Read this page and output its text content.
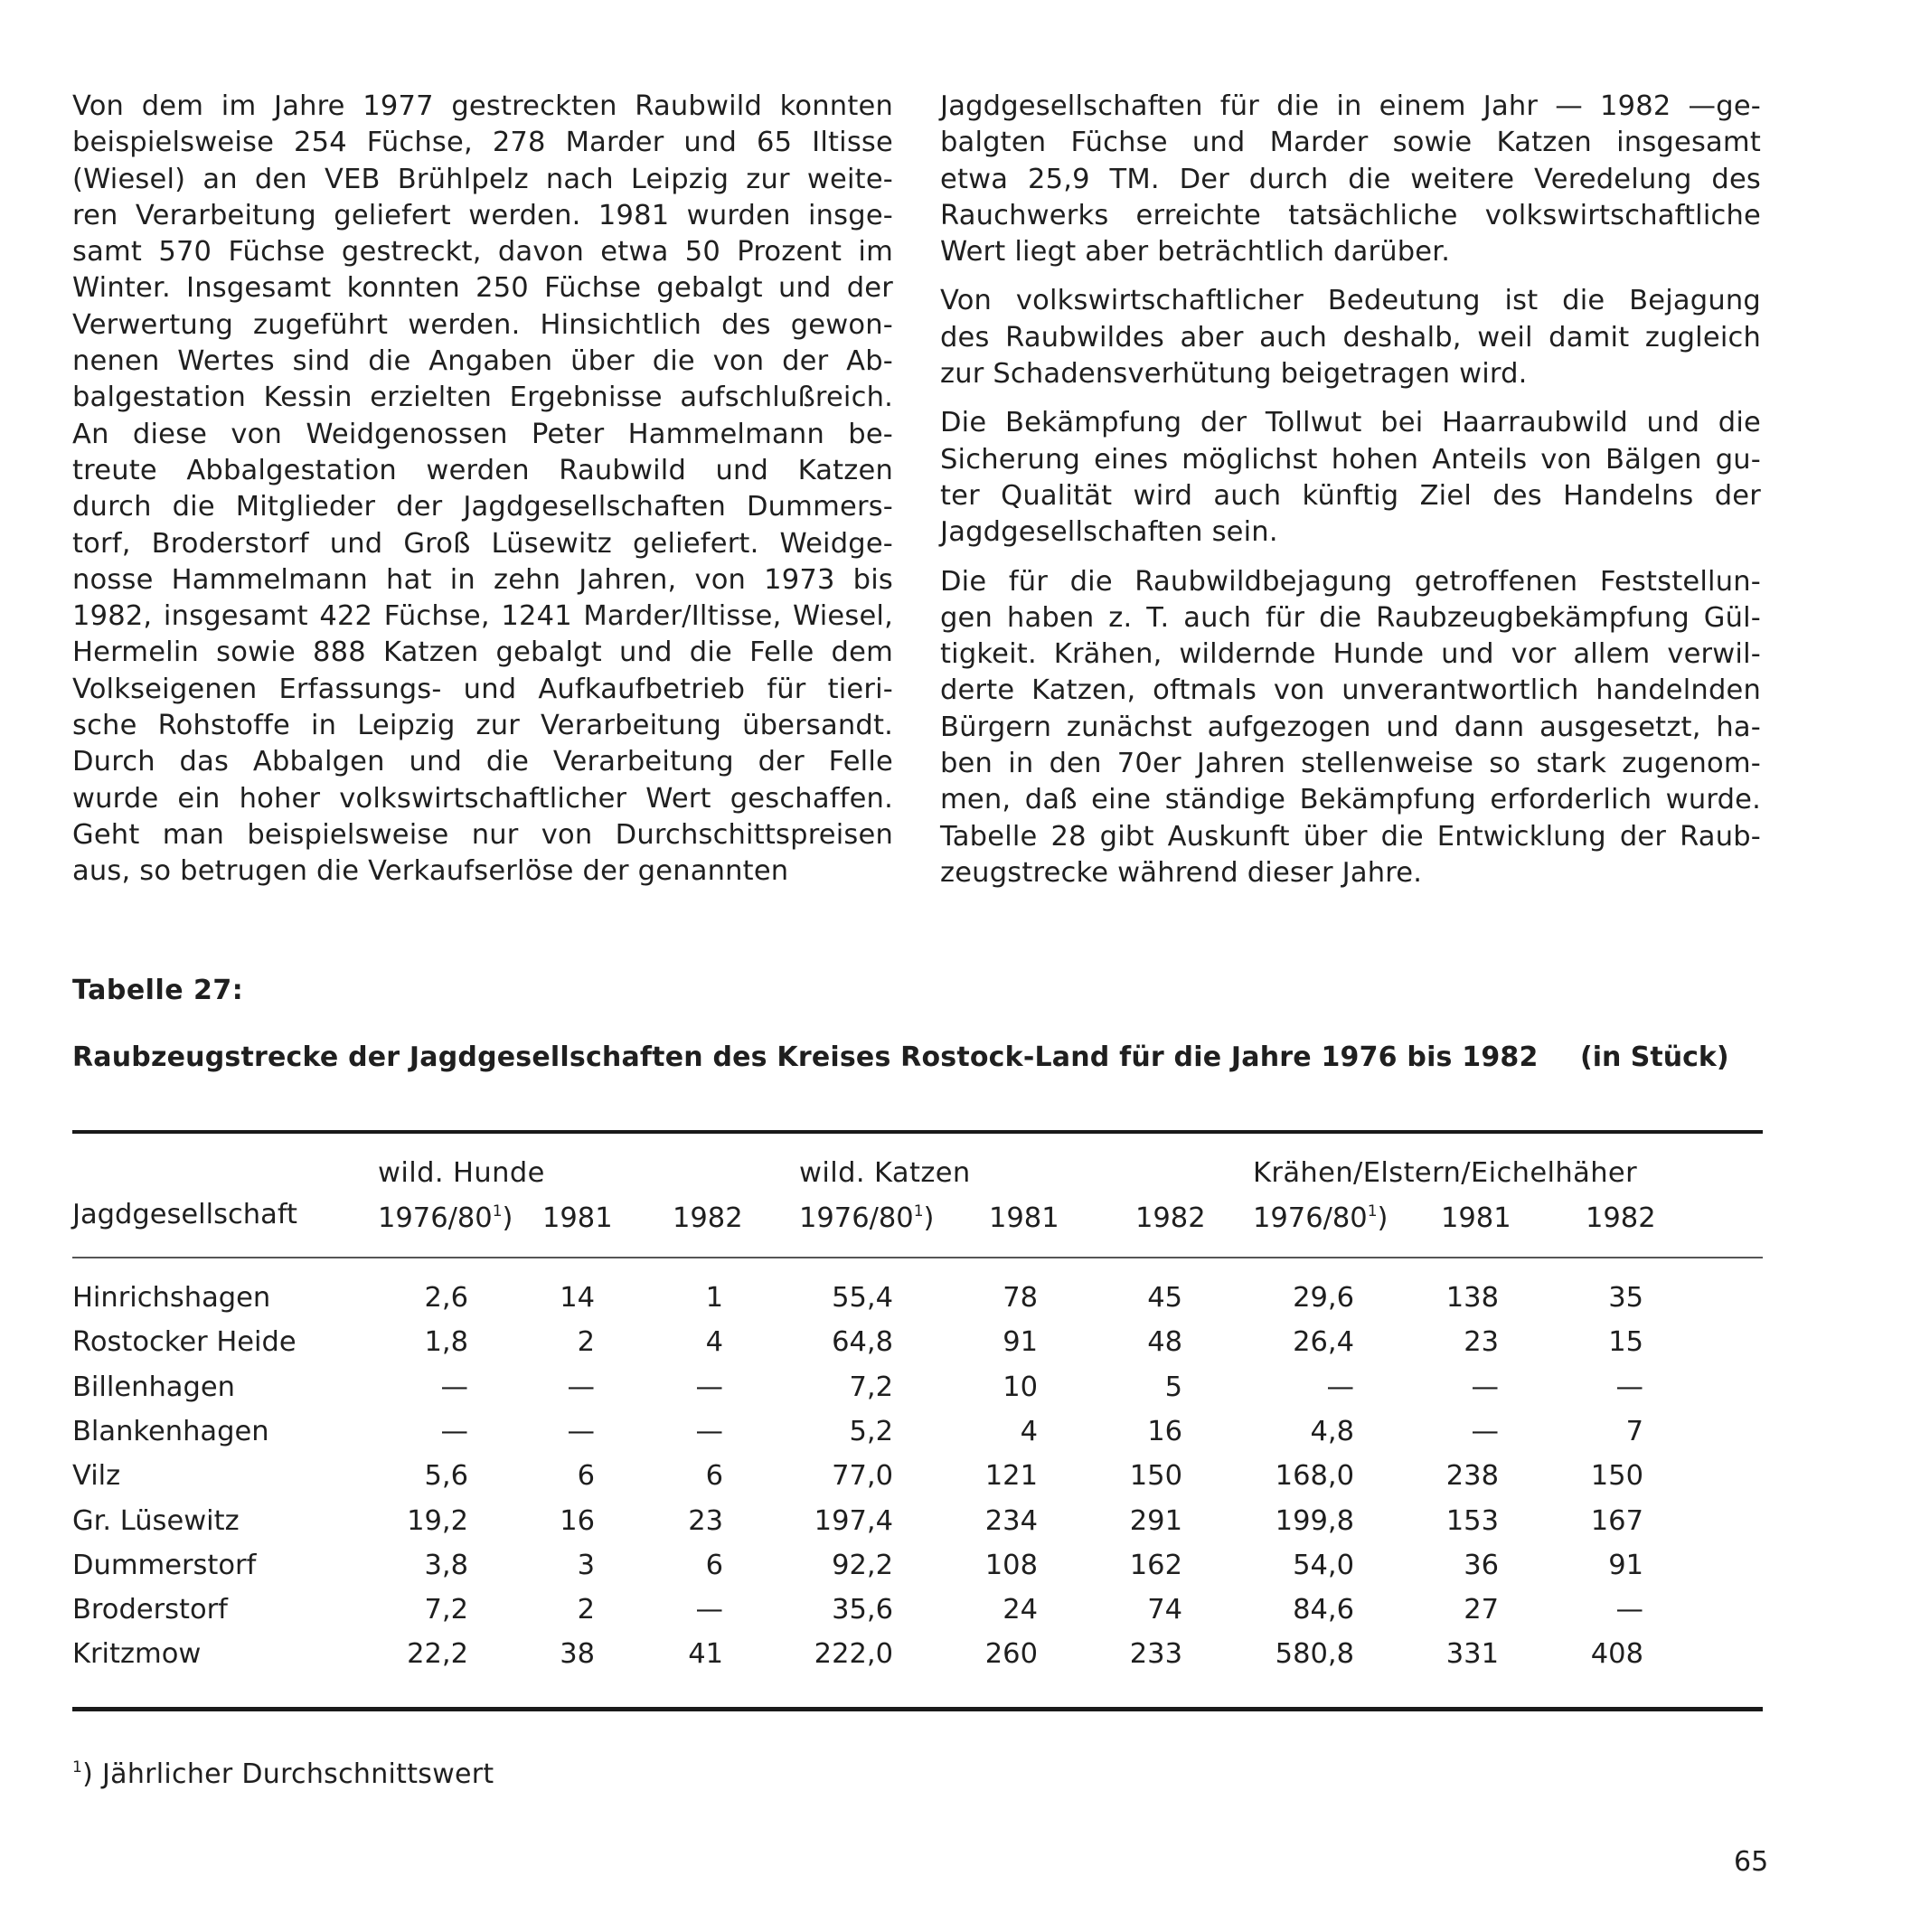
Von dem im Jahre 1977 gestreckten Raubwild konnten
beispielsweise 254 Füchse, 278 Marder und 65 Iltisse
(Wiesel) an den VEB Brühlpelz nach Leipzig zur weite-
ren Verarbeitung geliefert werden. 1981 wurden insge-
samt 570 Füchse gestreckt, davon etwa 50 Prozent im
Winter. Insgesamt konnten 250 Füchse gebalgt und der
Verwertung zugeführt werden. Hinsichtlich des gewon-
nenen Wertes sind die Angaben über die von der Ab-
balgestation Kessin erzielten Ergebnisse aufschlußreich.
An diese von Weidgenossen Peter Hammelmann be-
treute Abbalgestation werden Raubwild und Katzen
durch die Mitglieder der Jagdgesellschaften Dummers-
torf, Broderstorf und Groß Lüsewitz geliefert. Weidge-
nosse Hammelmann hat in zehn Jahren, von 1973 bis
1982, insgesamt 422 Füchse, 1241 Marder/Iltisse, Wiesel,
Hermelin sowie 888 Katzen gebalgt und die Felle dem
Volkseigenen Erfassungs- und Aufkaufbetrieb für tieri-
sche Rohstoffe in Leipzig zur Verarbeitung übersandt.
Durch das Abbalgen und die Verarbeitung der Felle
wurde ein hoher volkswirtschaftlicher Wert geschaffen.
Geht man beispielsweise nur von Durchschittspreisen
aus, so betrugen die Verkaufserlöse der genannten
Jagdgesellschaften für die in einem Jahr — 1982 —ge-
balgten Füchse und Marder sowie Katzen insgesamt
etwa 25,9 TM. Der durch die weitere Veredelung des
Rauchwerks erreichte tatsächliche volkswirtschaftliche
Wert liegt aber beträchtlich darüber.
Von volkswirtschaftlicher Bedeutung ist die Bejagung
des Raubwildes aber auch deshalb, weil damit zugleich
zur Schadensverhütung beigetragen wird.
Die Bekämpfung der Tollwut bei Haarraubwild und die
Sicherung eines möglichst hohen Anteils von Bälgen gu-
ter Qualität wird auch künftig Ziel des Handelns der
Jagdgesellschaften sein.
Die für die Raubwildbejagung getroffenen Feststellun-
gen haben z. T. auch für die Raubzeugbekämpfung Gül-
tigkeit. Krähen, wildernde Hunde und vor allem verwil-
derte Katzen, oftmals von unverantwortlich handelnden
Bürgern zunächst aufgezogen und dann ausgesetzt, ha-
ben in den 70er Jahren stellenweise so stark zugenom-
men, daß eine ständige Bekämpfung erforderlich wurde.
Tabelle 28 gibt Auskunft über die Entwicklung der Raub-
zeugstrecke während dieser Jahre.
Tabelle 27:
Raubzeugstrecke der Jagdgesellschaften des Kreises Rostock-Land für die Jahre 1976 bis 1982	(in Stück)
wild. Hunde	wild. Katzen	Krähen/Elstern/Eichelhäher
Jagdgesellschaft	$1976/80^1$) 1981 1982 $1976/80^1$) 1981	1982 $1976/80^1$) 1981	1982
Hinrichshagen	2,6	14	1	55,4	78	45	29,6	138	35
Rostocker Heide	1,8	2	4	64,8	91	48	26,4	23	15
Billenhagen	—	—	—	7,2	10	5	—	—	—
Blankenhagen	—	—	—	5,2	4	16	4,8	—	7
Vilz	5,6	6	6	77,0	121	150	168,0	238	150
Gr. Lüsewitz	19,2	16	23	197,4	234	291	199,8	153	167
Dummerstorf	3,8	3	6	92,2	108	162	54,0	36	91
Broderstorf	7,2	2	—	35,6	24	74	84,6	27	—
Kritzmow	22,2	38	41	222,0	260	233	580,8	331	408
$^1$) Jährlicher Durchschnittswert
65
